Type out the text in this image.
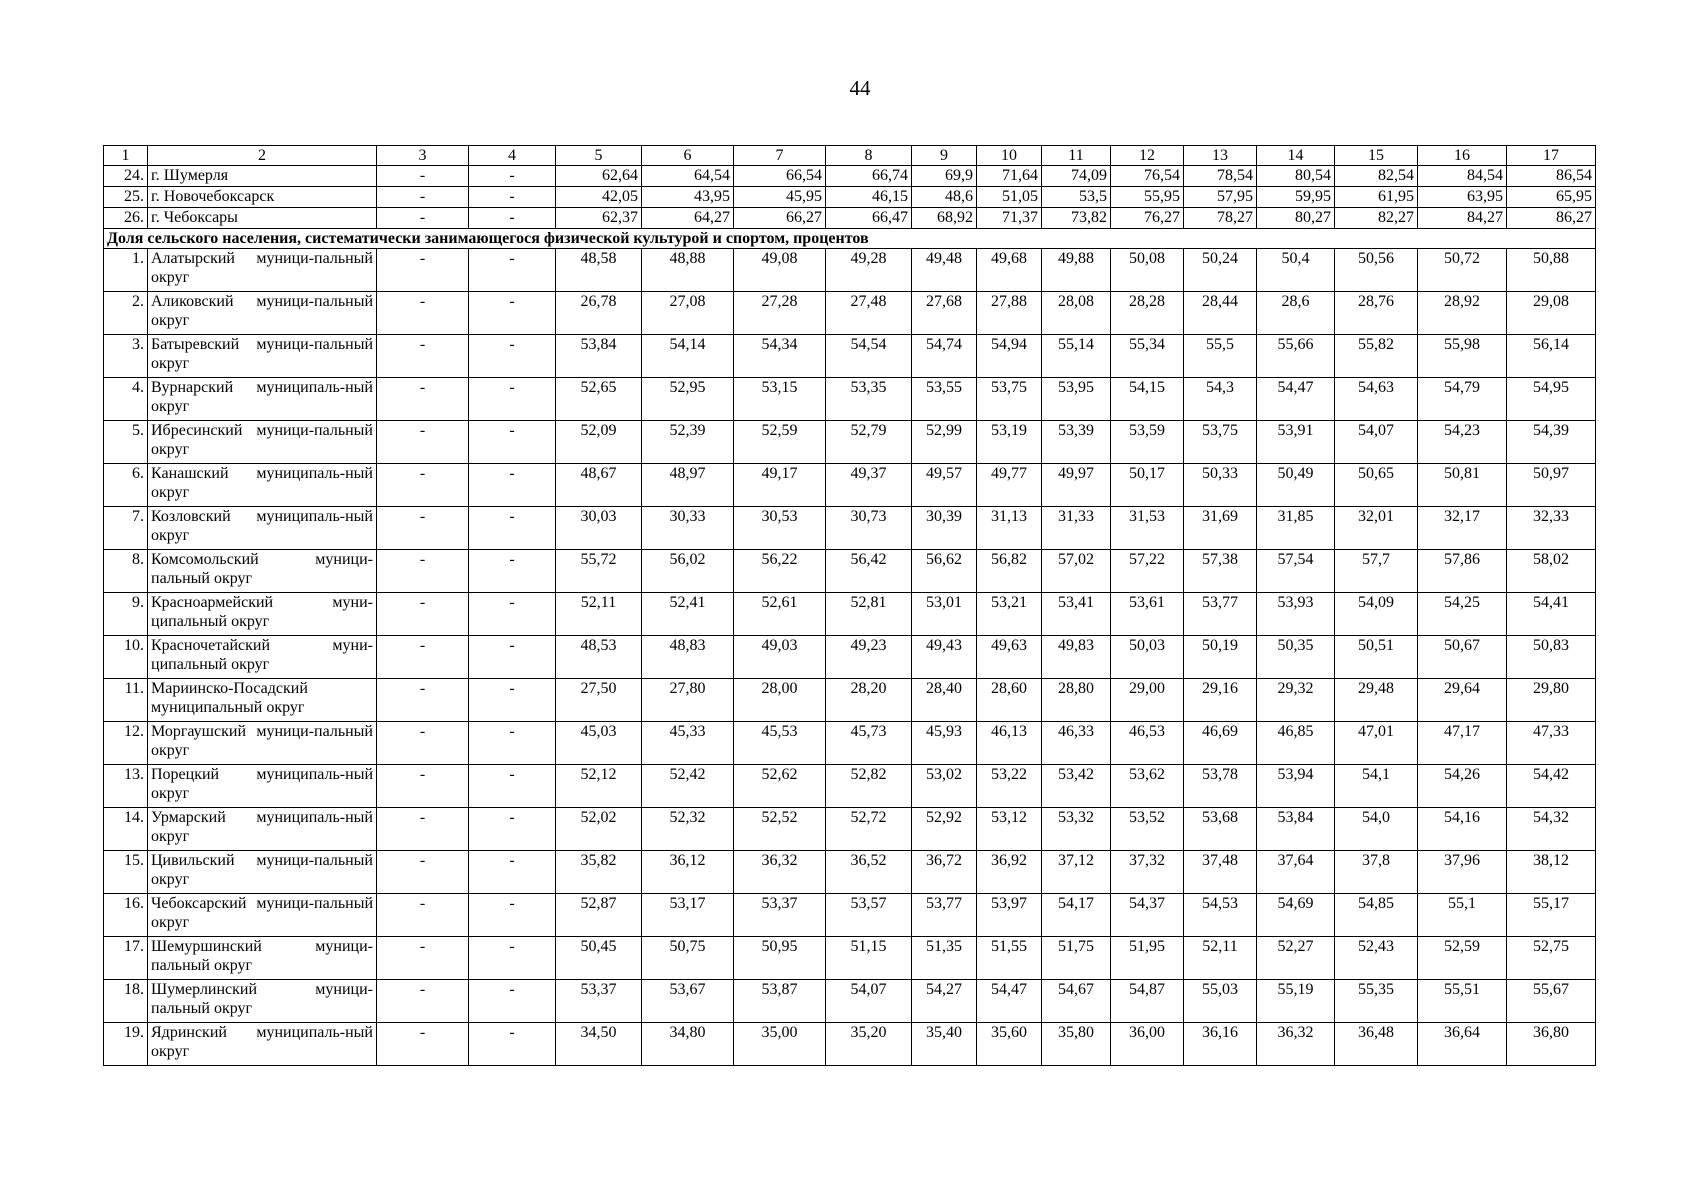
44
1	2	3	4	5	6	7	8	9	10	11	12	13	14	15	16	17
24.	г. Шумерля	-	-	62,64	64,54	66,54	66,74	69,9	71,64	74,09	76,54	78,54	80,54	82,54	84,54	86,54
25.	г. Новочебоксарск	-	-	42,05	43,95	45,95	46,15	48,6	51,05	53,5	55,95	57,95	59,95	61,95	63,95	65,95
26.	г. Чебоксары	-	-	62,37	64,27	66,27	66,47	68,92	71,37	73,82	76,27	78,27	80,27	82,27	84,27	86,27
Доля сельского населения, систематически занимающегося физической культурой и спортом, процентов																
1.	Алатырский муници-пальный округ	-	-	48,58	48,88	49,08	49,28	49,48	49,68	49,88	50,08	50,24	50,4	50,56	50,72	50,88
2.	Аликовский муници-пальный округ	-	-	26,78	27,08	27,28	27,48	27,68	27,88	28,08	28,28	28,44	28,6	28,76	28,92	29,08
3.	Батыревский муници-пальный округ	-	-	53,84	54,14	54,34	54,54	54,74	54,94	55,14	55,34	55,5	55,66	55,82	55,98	56,14
4.	Вурнарский муниципаль-ный округ	-	-	52,65	52,95	53,15	53,35	53,55	53,75	53,95	54,15	54,3	54,47	54,63	54,79	54,95
5.	Ибресинский муници-пальный округ	-	-	52,09	52,39	52,59	52,79	52,99	53,19	53,39	53,59	53,75	53,91	54,07	54,23	54,39
6.	Канашский муниципаль-ный округ	-	-	48,67	48,97	49,17	49,37	49,57	49,77	49,97	50,17	50,33	50,49	50,65	50,81	50,97
7.	Козловский муниципаль-ный округ	-	-	30,03	30,33	30,53	30,73	30,39	31,13	31,33	31,53	31,69	31,85	32,01	32,17	32,33
8.	Комсомольский муници-пальный округ	-	-	55,72	56,02	56,22	56,42	56,62	56,82	57,02	57,22	57,38	57,54	57,7	57,86	58,02
9.	Красноармейский муни-ципальный округ	-	-	52,11	52,41	52,61	52,81	53,01	53,21	53,41	53,61	53,77	53,93	54,09	54,25	54,41
10.	Красночетайский муни-ципальный округ	-	-	48,53	48,83	49,03	49,23	49,43	49,63	49,83	50,03	50,19	50,35	50,51	50,67	50,83
11.	Мариинско-Посадский муниципальный округ	-	-	27,50	27,80	28,00	28,20	28,40	28,60	28,80	29,00	29,16	29,32	29,48	29,64	29,80
12.	Моргаушский муници-пальный округ	-	-	45,03	45,33	45,53	45,73	45,93	46,13	46,33	46,53	46,69	46,85	47,01	47,17	47,33
13.	Порецкий муниципаль-ный округ	-	-	52,12	52,42	52,62	52,82	53,02	53,22	53,42	53,62	53,78	53,94	54,1	54,26	54,42
14.	Урмарский муниципаль-ный округ	-	-	52,02	52,32	52,52	52,72	52,92	53,12	53,32	53,52	53,68	53,84	54,0	54,16	54,32
15.	Цивильский муници-пальный округ	-	-	35,82	36,12	36,32	36,52	36,72	36,92	37,12	37,32	37,48	37,64	37,8	37,96	38,12
16.	Чебоксарский муници-пальный округ	-	-	52,87	53,17	53,37	53,57	53,77	53,97	54,17	54,37	54,53	54,69	54,85	55,1	55,17
17.	Шемуршинский муници-пальный округ	-	-	50,45	50,75	50,95	51,15	51,35	51,55	51,75	51,95	52,11	52,27	52,43	52,59	52,75
18.	Шумерлинский муници-пальный округ	-	-	53,37	53,67	53,87	54,07	54,27	54,47	54,67	54,87	55,03	55,19	55,35	55,51	55,67
19.	Ядринский муниципаль-ный округ	-	-	34,50	34,80	35,00	35,20	35,40	35,60	35,80	36,00	36,16	36,32	36,48	36,64	36,80
